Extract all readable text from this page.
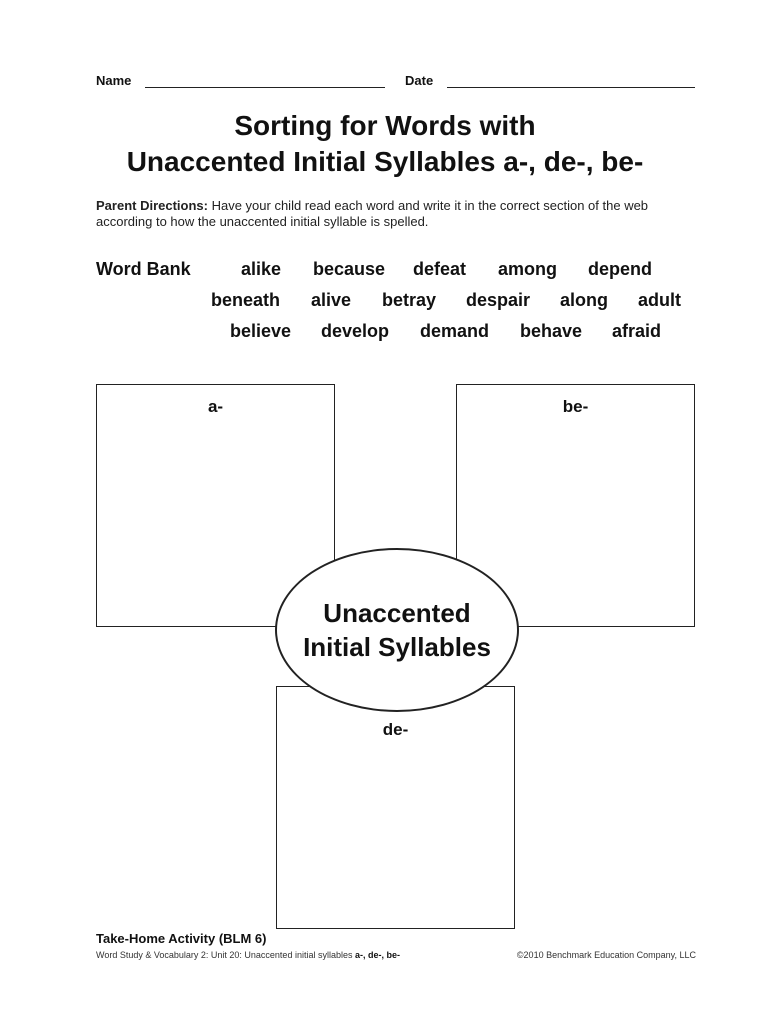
Name	Date
Sorting for Words with
Unaccented Initial Syllables a-, de-, be-
Parent Directions: Have your child read each word and write it in the correct section of the web according to how the unaccented initial syllable is spelled.
Word Bank	alike because defeat among depend
beneath alive betray despair along adult
believe develop demand behave afraid
a-	be-
de-
Unaccented
Initial Syllables
Take-Home Activity (BLM 6)
Word Study & Vocabulary 2: Unit 20: Unaccented initial syllables a-, de-, be-	©2010 Benchmark Education Company, LLC
